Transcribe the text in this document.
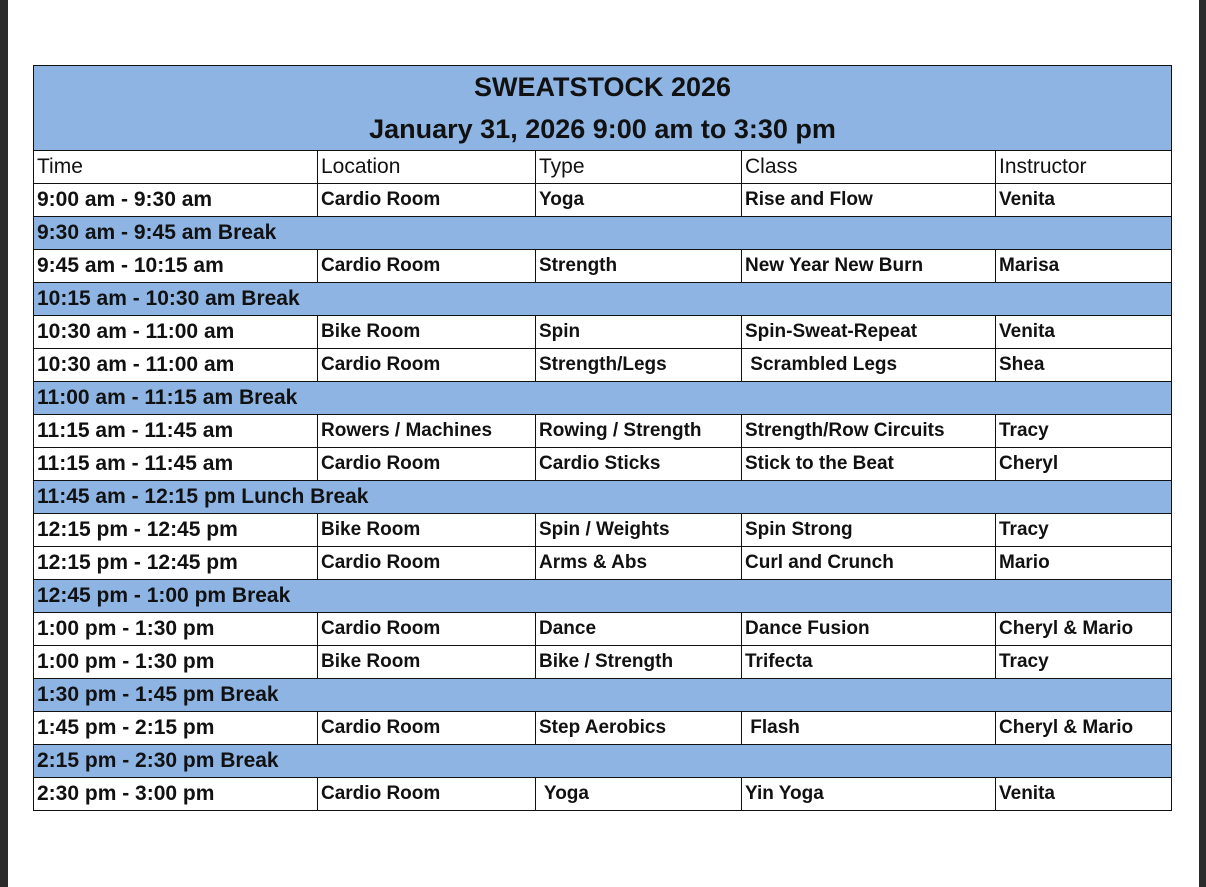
SWEATSTOCK 2026
January 31, 2026 9:00 am to 3:30 pm				

Time	Location	Type	Class	Instructor
9:00 am - 9:30 am	Cardio Room	Yoga	Rise and Flow	Venita
9:30 am - 9:45 am Break				
9:45 am - 10:15 am	Cardio Room	Strength	New Year New Burn	Marisa
10:15 am - 10:30 am Break				
10:30 am - 11:00 am	Bike Room	Spin	Spin-Sweat-Repeat	Venita
10:30 am - 11:00 am	Cardio Room	Strength/Legs	Scrambled Legs	Shea
11:00 am - 11:15 am Break				
11:15 am - 11:45 am	Rowers / Machines	Rowing / Strength	Strength/Row Circuits	Tracy
11:15 am - 11:45 am	Cardio Room	Cardio Sticks	Stick to the Beat	Cheryl
11:45 am - 12:15 pm Lunch Break				
12:15 pm - 12:45 pm	Bike Room	Spin / Weights	Spin Strong	Tracy
12:15 pm - 12:45 pm	Cardio Room	Arms & Abs	Curl and Crunch	Mario
12:45 pm - 1:00 pm Break				
1:00 pm - 1:30 pm	Cardio Room	Dance	Dance Fusion	Cheryl & Mario
1:00 pm - 1:30 pm	Bike Room	Bike / Strength	Trifecta	Tracy
1:30 pm - 1:45 pm Break				
1:45 pm - 2:15 pm	Cardio Room	Step Aerobics	Flash	Cheryl & Mario
2:15 pm - 2:30 pm Break				
2:30 pm - 3:00 pm	Cardio Room	Yoga	Yin Yoga	Venita
